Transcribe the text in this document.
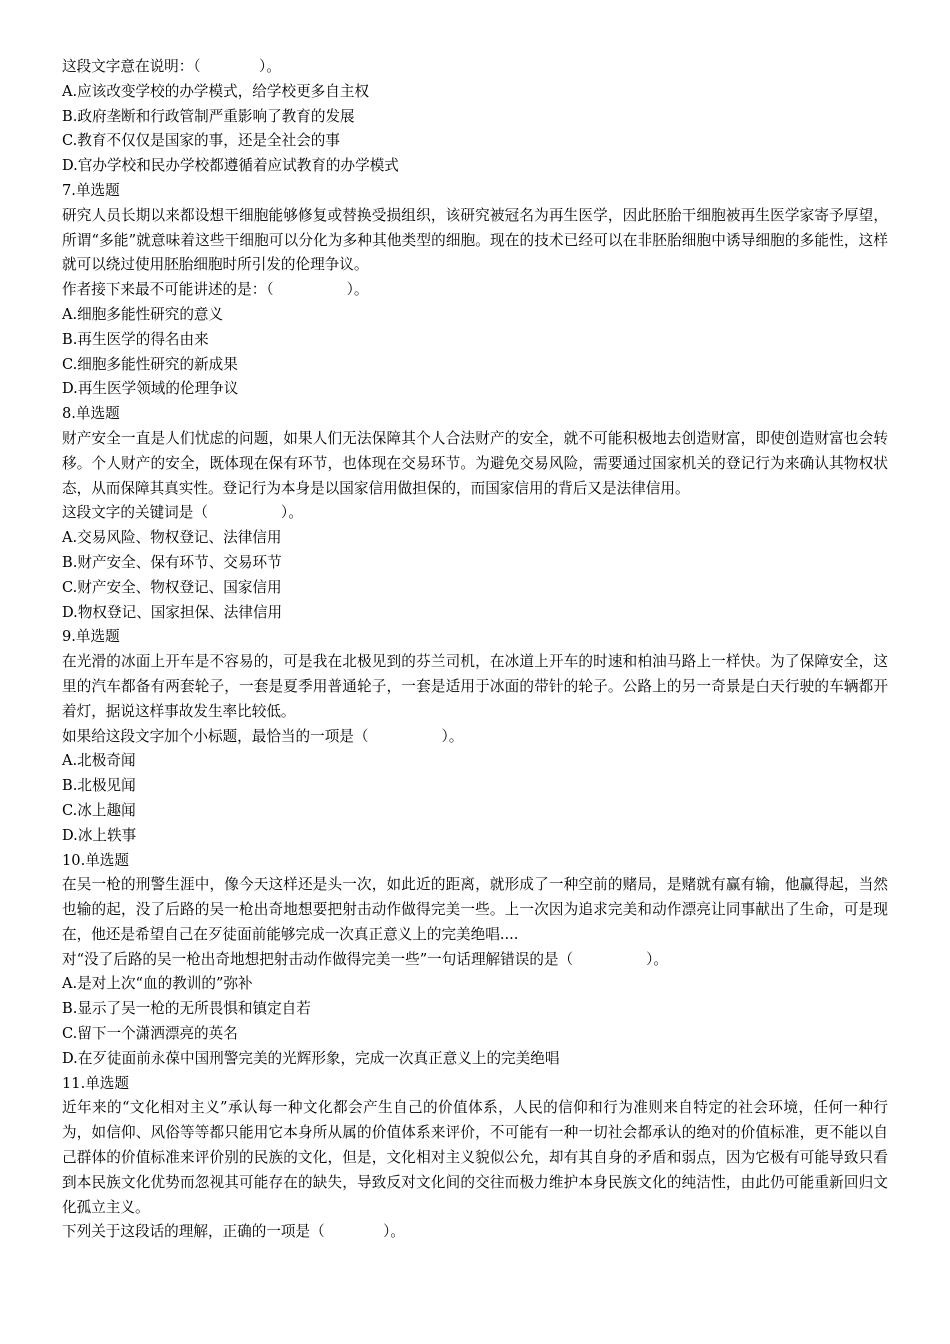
这段文字意在说明：（　　　　）。

A.应该改变学校的办学模式，给学校更多自主权

B.政府垄断和行政管制严重影响了教育的发展

C.教育不仅仅是国家的事，还是全社会的事

D.官办学校和民办学校都遵循着应试教育的办学模式

7.单选题

研究人员长期以来都设想干细胞能够修复或替换受损组织，该研究被冠名为再生医学，因此胚胎干细胞被再生医学家寄予厚望，所谓“多能”就意味着这些干细胞可以分化为多种其他类型的细胞。现在的技术已经可以在非胚胎细胞中诱导细胞的多能性，这样就可以绕过使用胚胎细胞时所引发的伦理争议。

作者接下来最不可能讲述的是：（　　　　　）。

A.细胞多能性研究的意义

B.再生医学的得名由来

C.细胞多能性研究的新成果

D.再生医学领域的伦理争议

8.单选题

财产安全一直是人们忧虑的问题，如果人们无法保障其个人合法财产的安全，就不可能积极地去创造财富，即使创造财富也会转移。个人财产的安全，既体现在保有环节，也体现在交易环节。为避免交易风险，需要通过国家机关的登记行为来确认其物权状态，从而保障其真实性。登记行为本身是以国家信用做担保的，而国家信用的背后又是法律信用。

这段文字的关键词是（　　　　　）。

A.交易风险、物权登记、法律信用

B.财产安全、保有环节、交易环节

C.财产安全、物权登记、国家信用

D.物权登记、国家担保、法律信用

9.单选题

在光滑的冰面上开车是不容易的，可是我在北极见到的芬兰司机，在冰道上开车的时速和柏油马路上一样快。为了保障安全，这里的汽车都备有两套轮子，一套是夏季用普通轮子，一套是适用于冰面的带针的轮子。公路上的另一奇景是白天行驶的车辆都开着灯，据说这样事故发生率比较低。

如果给这段文字加个小标题，最恰当的一项是（　　　　　）。

A.北极奇闻

B.北极见闻

C.冰上趣闻

D.冰上轶事

10.单选题

在吴一枪的刑警生涯中，像今天这样还是头一次，如此近的距离，就形成了一种空前的赌局，是赌就有赢有输，他赢得起，当然也输的起，没了后路的吴一枪出奇地想要把射击动作做得完美一些。上一次因为追求完美和动作漂亮让同事献出了生命，可是现在，他还是希望自己在歹徒面前能够完成一次真正意义上的完美绝唱....

对“没了后路的吴一枪出奇地想把射击动作做得完美一些”一句话理解错误的是（　　　　　）。

A.是对上次“血的教训的”弥补

B.显示了吴一枪的无所畏惧和镇定自若

C.留下一个潇洒漂亮的英名

D.在歹徒面前永葆中国刑警完美的光辉形象，完成一次真正意义上的完美绝唱

11.单选题

近年来的“文化相对主义”承认每一种文化都会产生自己的价值体系，人民的信仰和行为准则来自特定的社会环境，任何一种行为，如信仰、风俗等等都只能用它本身所从属的价值体系来评价，不可能有一种一切社会都承认的绝对的价值标准，更不能以自己群体的价值标准来评价别的民族的文化，但是，文化相对主义貌似公允，却有其自身的矛盾和弱点，因为它极有可能导致只看到本民族文化优势而忽视其可能存在的缺失，导致反对文化间的交往而极力维护本身民族文化的纯洁性，由此仍可能重新回归文化孤立主义。

下列关于这段话的理解，正确的一项是（　　　　）。
